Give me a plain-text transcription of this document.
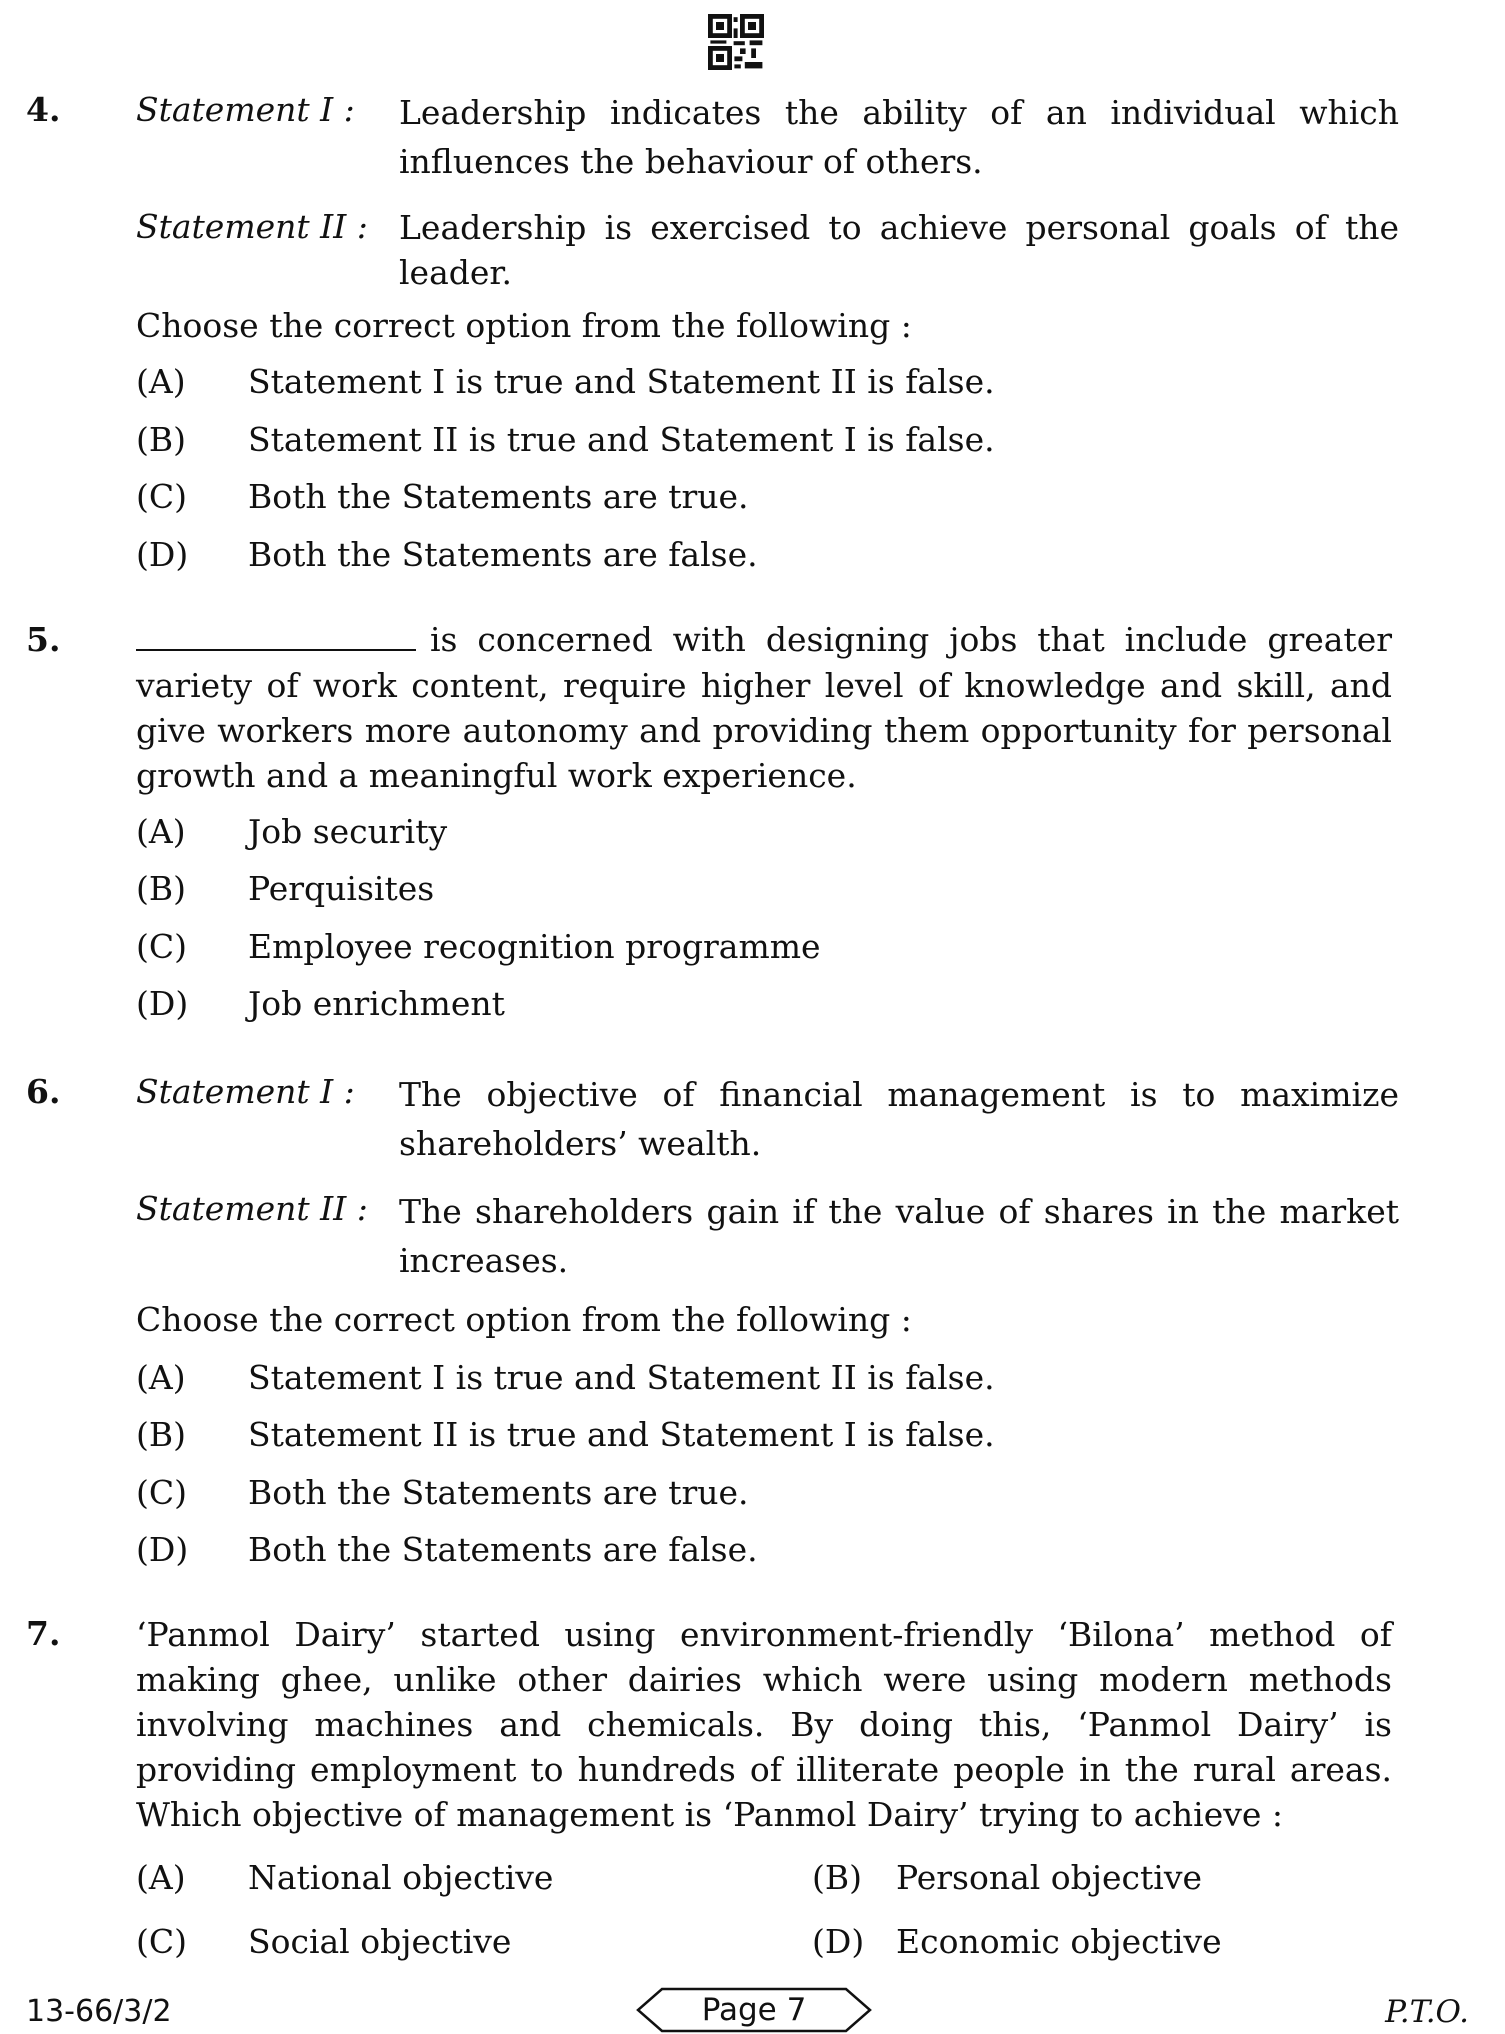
4. Statement I : Leadership indicates the ability of an individual which influences the behaviour of others.
Statement II : Leadership is exercised to achieve personal goals of the leader.
Choose the correct option from the following :
(A) Statement I is true and Statement II is false.
(B) Statement II is true and Statement I is false.
(C) Both the Statements are true.
(D) Both the Statements are false.
5.	is concerned with designing jobs that include greater
variety of work content, require higher level of knowledge and skill, and give workers more autonomy and providing them opportunity for personal growth and a meaningful work experience.
(A) Job security
(B) Perquisites
(C) Employee recognition programme
(D) Job enrichment
6. Statement I : The objective of financial management is to maximize shareholders’ wealth.
Statement II : The shareholders gain if the value of shares in the market increases.
Choose the correct option from the following :
(A) Statement I is true and Statement II is false.
(B) Statement II is true and Statement I is false.
(C) Both the Statements are true.
(D) Both the Statements are false.
7. ‘Panmol Dairy’ started using environment-friendly ‘Bilona’ method of making ghee, unlike other dairies which were using modern methods involving machines and chemicals. By doing this, ‘Panmol Dairy’ is providing employment to hundreds of illiterate people in the rural areas. Which objective of management is ‘Panmol Dairy’ trying to achieve :
(A) National objective	(B) Personal objective
(C) Social objective	(D) Economic objective
13-66/3/2	Page 7	P.T.O.
